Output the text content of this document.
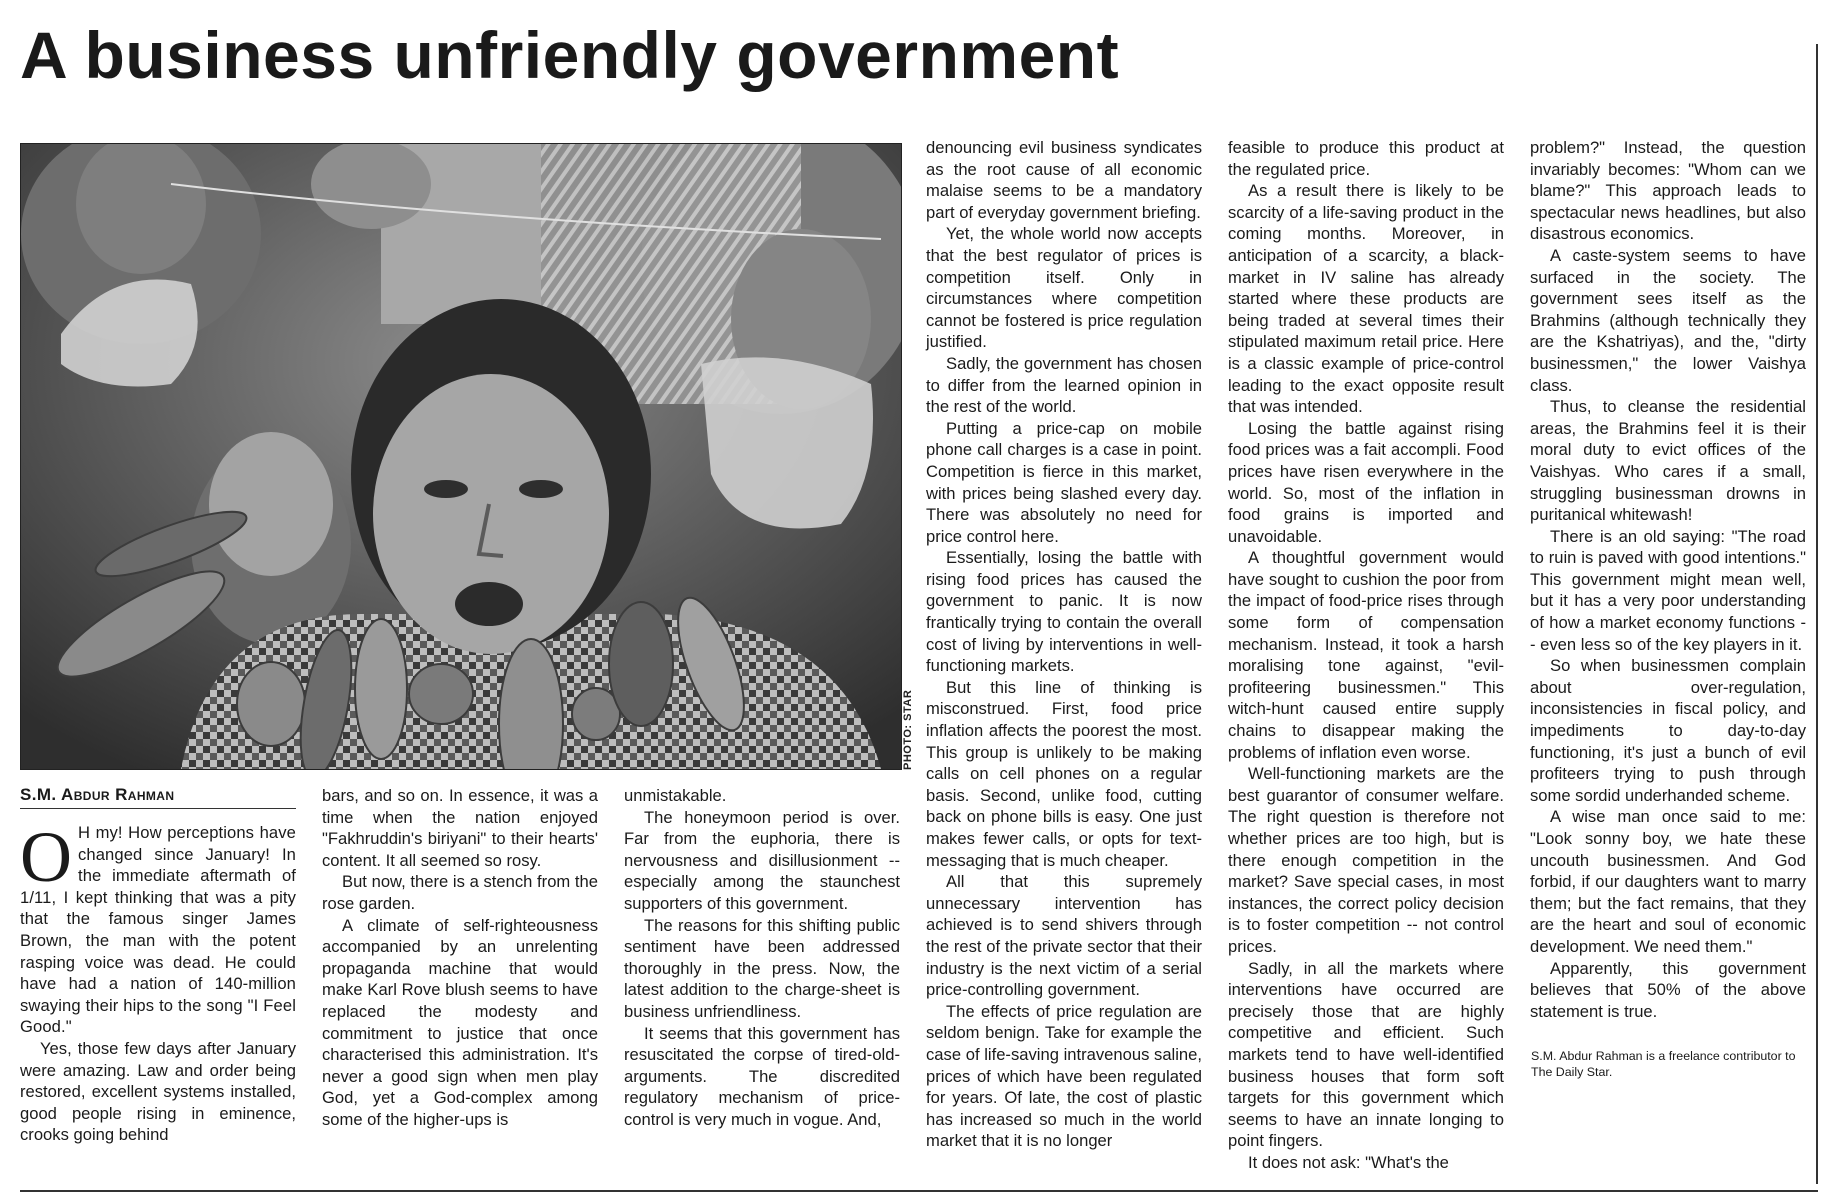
A business unfriendly government
PHOTO: STAR
S.M. Abdur Rahman
O H my! How perceptions have changed since January! In the immediate aftermath of 1/11, I kept thinking that was a pity that the famous singer James Brown, the man with the potent rasping voice was dead. He could have had a nation of 140-million swaying their hips to the song "I Feel Good."

Yes, those few days after January were amazing. Law and order being restored, excellent systems installed, good people rising in eminence, crooks going behind

bars, and so on. In essence, it was a time when the nation enjoyed "Fakhruddin's biriyani" to their hearts' content. It all seemed so rosy.

But now, there is a stench from the rose garden.

A climate of self-righteousness accompanied by an unrelenting propaganda machine that would make Karl Rove blush seems to have replaced the modesty and commitment to justice that once characterised this administration. It's never a good sign when men play God, yet a God-complex among some of the higher-ups is

unmistakable.

The honeymoon period is over. Far from the euphoria, there is nervousness and disillusionment -- especially among the staunchest supporters of this government.

The reasons for this shifting public sentiment have been addressed thoroughly in the press. Now, the latest addition to the charge-sheet is business unfriendliness.

It seems that this government has resuscitated the corpse of tired-old-arguments. The discredited regulatory mechanism of price-control is very much in vogue. And,

denouncing evil business syndicates as the root cause of all economic malaise seems to be a mandatory part of everyday government briefing.

Yet, the whole world now accepts that the best regulator of prices is competition itself. Only in circumstances where competition cannot be fostered is price regulation justified.

Sadly, the government has chosen to differ from the learned opinion in the rest of the world.

Putting a price-cap on mobile phone call charges is a case in point. Competition is fierce in this market, with prices being slashed every day. There was absolutely no need for price control here.

Essentially, losing the battle with rising food prices has caused the government to panic. It is now frantically trying to contain the overall cost of living by interventions in well-functioning markets.

But this line of thinking is misconstrued. First, food price inflation affects the poorest the most. This group is unlikely to be making calls on cell phones on a regular basis. Second, unlike food, cutting back on phone bills is easy. One just makes fewer calls, or opts for text-messaging that is much cheaper.

All that this supremely unnecessary intervention has achieved is to send shivers through the rest of the private sector that their industry is the next victim of a serial price-controlling government.

The effects of price regulation are seldom benign. Take for example the case of life-saving intravenous saline, prices of which have been regulated for years. Of late, the cost of plastic has increased so much in the world market that it is no longer

feasible to produce this product at the regulated price.

As a result there is likely to be scarcity of a life-saving product in the coming months. Moreover, in anticipation of a scarcity, a black-market in IV saline has already started where these products are being traded at several times their stipulated maximum retail price. Here is a classic example of price-control leading to the exact opposite result that was intended.

Losing the battle against rising food prices was a fait accompli. Food prices have risen everywhere in the world. So, most of the inflation in food grains is imported and unavoidable.

A thoughtful government would have sought to cushion the poor from the impact of food-price rises through some form of compensation mechanism. Instead, it took a harsh moralising tone against, "evil-profiteering businessmen." This witch-hunt caused entire supply chains to disappear making the problems of inflation even worse.

Well-functioning markets are the best guarantor of consumer welfare. The right question is therefore not whether prices are too high, but is there enough competition in the market? Save special cases, in most instances, the correct policy decision is to foster competition -- not control prices.

Sadly, in all the markets where interventions have occurred are precisely those that are highly competitive and efficient. Such markets tend to have well-identified business houses that form soft targets for this government which seems to have an innate longing to point fingers.

It does not ask: "What's the

problem?" Instead, the question invariably becomes: "Whom can we blame?" This approach leads to spectacular news headlines, but also disastrous economics.

A caste-system seems to have surfaced in the society. The government sees itself as the Brahmins (although technically they are the Kshatriyas), and the, "dirty businessmen," the lower Vaishya class.

Thus, to cleanse the residential areas, the Brahmins feel it is their moral duty to evict offices of the Vaishyas. Who cares if a small, struggling businessman drowns in puritanical whitewash!

There is an old saying: "The road to ruin is paved with good intentions." This government might mean well, but it has a very poor understanding of how a market economy functions -- even less so of the key players in it.

So when businessmen complain about over-regulation, inconsistencies in fiscal policy, and impediments to day-to-day functioning, it's just a bunch of evil profiteers trying to push through some sordid underhanded scheme.

A wise man once said to me: "Look sonny boy, we hate these uncouth businessmen. And God forbid, if our daughters want to marry them; but the fact remains, that they are the heart and soul of economic development. We need them."

Apparently, this government believes that 50% of the above statement is true.

S.M. Abdur Rahman is a freelance contributor to The Daily Star.
